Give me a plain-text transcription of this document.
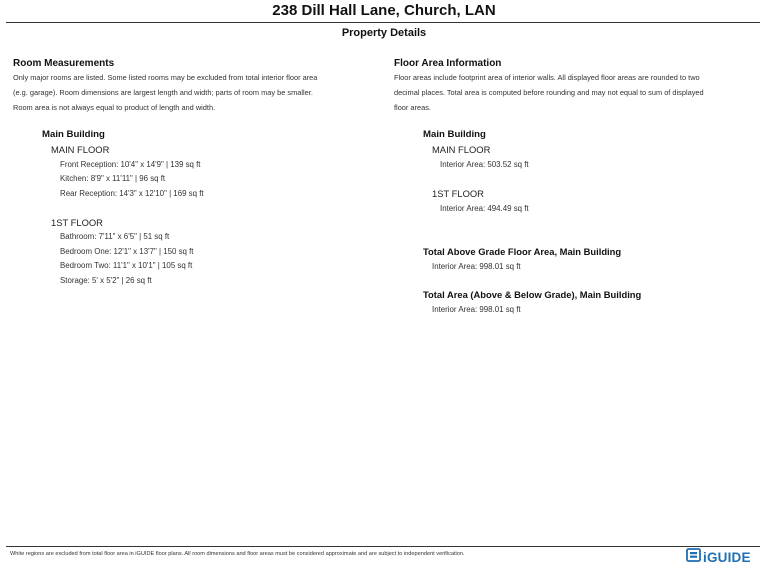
238 Dill Hall Lane, Church, LAN
Property Details
Room Measurements
Only major rooms are listed. Some listed rooms may be excluded from total interior floor area
(e.g. garage). Room dimensions are largest length and width; parts of room may be smaller.
Room area is not always equal to product of length and width.
Main Building
MAIN FLOOR
Front Reception: 10'4" x 14'9" | 139 sq ft
Kitchen: 8'9" x 11'11" | 96 sq ft
Rear Reception: 14'3" x 12'10" | 169 sq ft
1ST FLOOR
Bathroom: 7'11" x 6'5" | 51 sq ft
Bedroom One: 12'1" x 13'7" | 150 sq ft
Bedroom Two: 11'1" x 10'1" | 105 sq ft
Storage: 5' x 5'2" | 26 sq ft
Floor Area Information
Floor areas include footprint area of interior walls. All displayed floor areas are rounded to two
decimal places. Total area is computed before rounding and may not equal to sum of displayed
floor areas.
Main Building
MAIN FLOOR
Interior Area: 503.52 sq ft
1ST FLOOR
Interior Area: 494.49 sq ft
Total Above Grade Floor Area, Main Building
Interior Area: 998.01 sq ft
Total Area (Above & Below Grade), Main Building
Interior Area: 998.01 sq ft
White regions are excluded from total floor area in iGUIDE floor plans. All room dimensions and floor areas must be considered approximate and are subject to independent verification.	iGUIDE
